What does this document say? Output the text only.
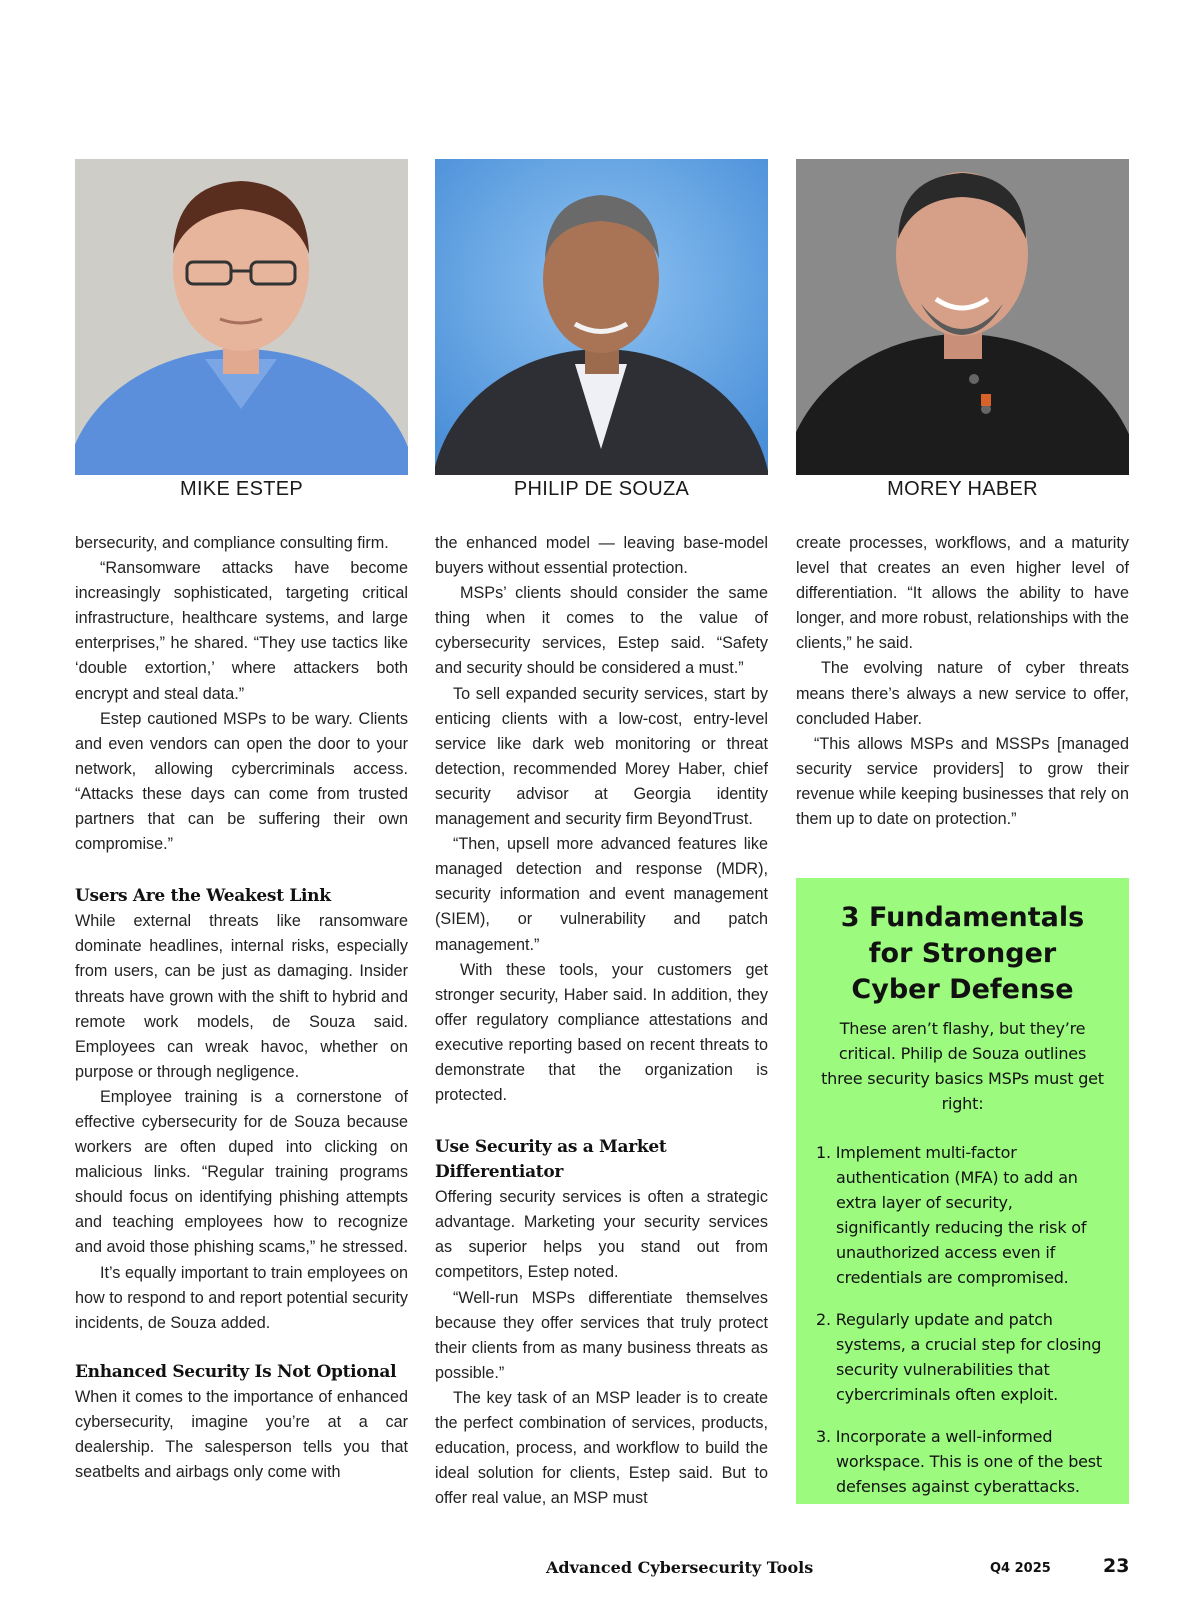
MIKE ESTEP	PHILIP DE SOUZA	MOREY HABER

bersecurity, and compliance consulting firm.

“Ransomware attacks have become increasingly sophisticated, targeting critical infrastructure, healthcare systems, and large enterprises,” he shared. “They use tactics like ‘double extortion,’ where attackers both encrypt and steal data.”

Estep cautioned MSPs to be wary. Clients and even vendors can open the door to your network, allowing cybercriminals access. “Attacks these days can come from trusted partners that can be suffering their own compromise.”

Users Are the Weakest Link

While external threats like ransomware dominate headlines, internal risks, especially from users, can be just as damaging. Insider threats have grown with the shift to hybrid and remote work models, de Souza said. Employees can wreak havoc, whether on purpose or through negligence.

Employee training is a cornerstone of effective cybersecurity for de Souza because workers are often duped into clicking on malicious links. “Regular training programs should focus on identifying phishing attempts and teaching employees how to recognize and avoid those phishing scams,” he stressed.

It’s equally important to train employees on how to respond to and report potential security incidents, de Souza added.

Enhanced Security Is Not Optional

When it comes to the importance of enhanced cybersecurity, imagine you’re at a car dealership. The salesperson tells you that seatbelts and airbags only come with

the enhanced model — leaving base-model buyers without essential protection.

MSPs’ clients should consider the same thing when it comes to the value of cybersecurity services, Estep said. “Safety and security should be considered a must.”

To sell expanded security services, start by enticing clients with a low-cost, entry-level service like dark web monitoring or threat detection, recommended Morey Haber, chief security advisor at Georgia identity management and security firm BeyondTrust.

“Then, upsell more advanced features like managed detection and response (MDR), security information and event management (SIEM), or vulnerability and patch management.”

With these tools, your customers get stronger security, Haber said. In addition, they offer regulatory compliance attestations and executive reporting based on recent threats to demonstrate that the organization is protected.

Use Security as a Market Differentiator

Offering security services is often a strategic advantage. Marketing your security services as superior helps you stand out from competitors, Estep noted.

“Well-run MSPs differentiate themselves because they offer services that truly protect their clients from as many business threats as possible.”

The key task of an MSP leader is to create the perfect combination of services, products, education, process, and workflow to build the ideal solution for clients, Estep said. But to offer real value, an MSP must

create processes, workflows, and a maturity level that creates an even higher level of differentiation. “It allows the ability to have longer, and more robust, relationships with the clients,” he said.

The evolving nature of cyber threats means there’s always a new service to offer, concluded Haber.

“This allows MSPs and MSSPs [managed security service providers] to grow their revenue while keeping businesses that rely on them up to date on protection.”

3 Fundamentals
for Stronger
Cyber Defense

These aren’t flashy, but they’re critical. Philip de Souza outlines three security basics MSPs must get right:

1. Implement multi-factor authentication (MFA) to add an extra layer of security, significantly reducing the risk of unauthorized access even if credentials are compromised.
2. Regularly update and patch systems, a crucial step for closing security vulnerabilities that cybercriminals often exploit.
3. Incorporate a well-informed workspace. This is one of the best defenses against cyberattacks.
Advanced Cybersecurity Tools	Q4 2025	23
